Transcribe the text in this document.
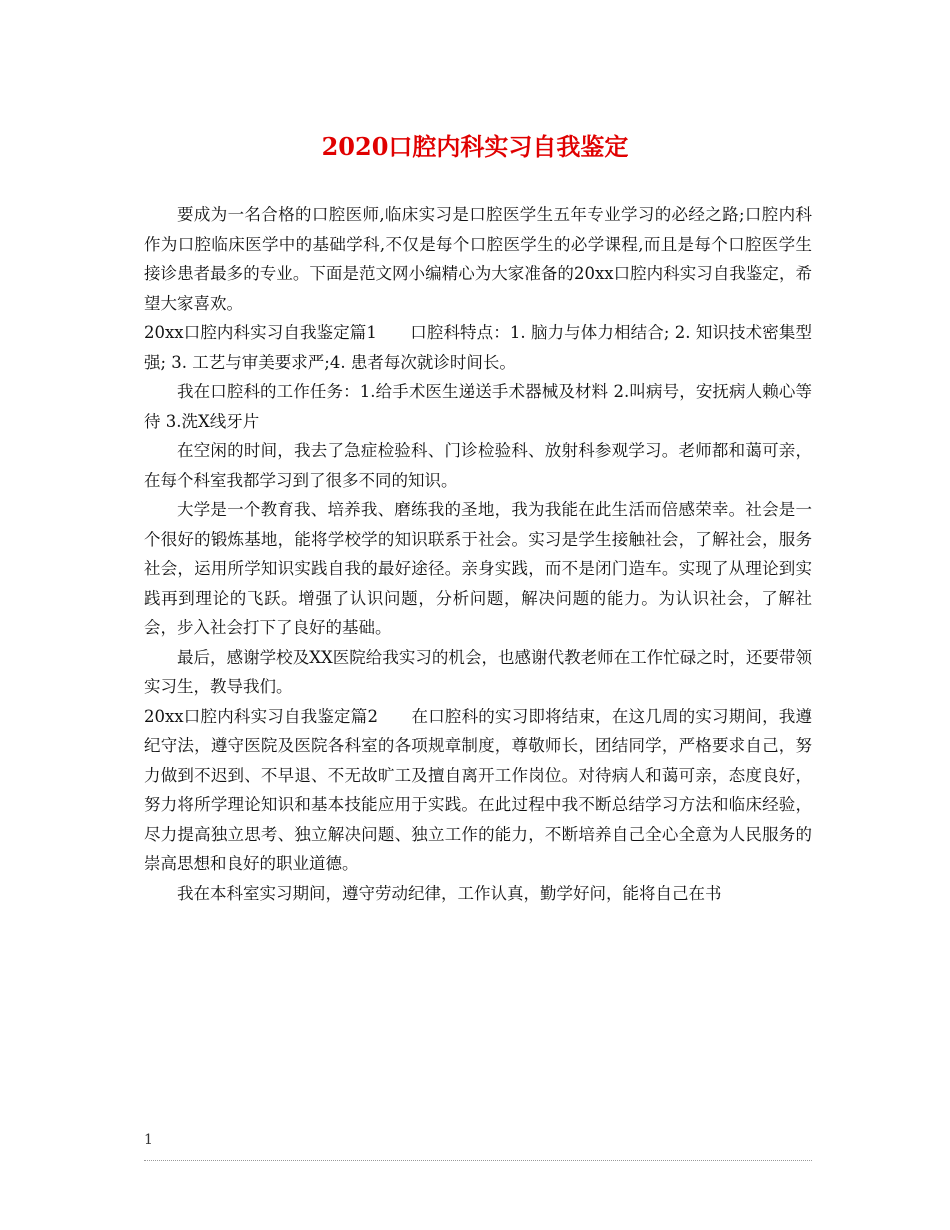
2020口腔内科实习自我鉴定

要成为一名合格的口腔医师,临床实习是口腔医学生五年专业学习的必经之路;口腔内科作为口腔临床医学中的基础学科,不仅是每个口腔医学生的必学课程,而且是每个口腔医学生接诊患者最多的专业。下面是范文网小编精心为大家准备的20xx口腔内科实习自我鉴定，希望大家喜欢。

20xx口腔内科实习自我鉴定篇1　　口腔科特点：1. 脑力与体力相结合; 2. 知识技术密集型强; 3. 工艺与审美要求严;4. 患者每次就诊时间长。

我在口腔科的工作任务：1.给手术医生递送手术器械及材料 2.叫病号，安抚病人赖心等待 3.洗X线牙片

在空闲的时间，我去了急症检验科、门诊检验科、放射科参观学习。老师都和蔼可亲，在每个科室我都学习到了很多不同的知识。

大学是一个教育我、培养我、磨练我的圣地，我为我能在此生活而倍感荣幸。社会是一个很好的锻炼基地，能将学校学的知识联系于社会。实习是学生接触社会，了解社会，服务社会，运用所学知识实践自我的最好途径。亲身实践，而不是闭门造车。实现了从理论到实践再到理论的飞跃。增强了认识问题，分析问题，解决问题的能力。为认识社会，了解社会，步入社会打下了良好的基础。

最后，感谢学校及XX医院给我实习的机会，也感谢代教老师在工作忙碌之时，还要带领实习生，教导我们。

20xx口腔内科实习自我鉴定篇2　　在口腔科的实习即将结束，在这几周的实习期间，我遵纪守法，遵守医院及医院各科室的各项规章制度，尊敬师长，团结同学，严格要求自己，努力做到不迟到、不早退、不无故旷工及擅自离开工作岗位。对待病人和蔼可亲，态度良好，努力将所学理论知识和基本技能应用于实践。在此过程中我不断总结学习方法和临床经验，尽力提高独立思考、独立解决问题、独立工作的能力，不断培养自己全心全意为人民服务的崇高思想和良好的职业道德。

我在本科室实习期间，遵守劳动纪律，工作认真，勤学好问，能将自己在书

1
